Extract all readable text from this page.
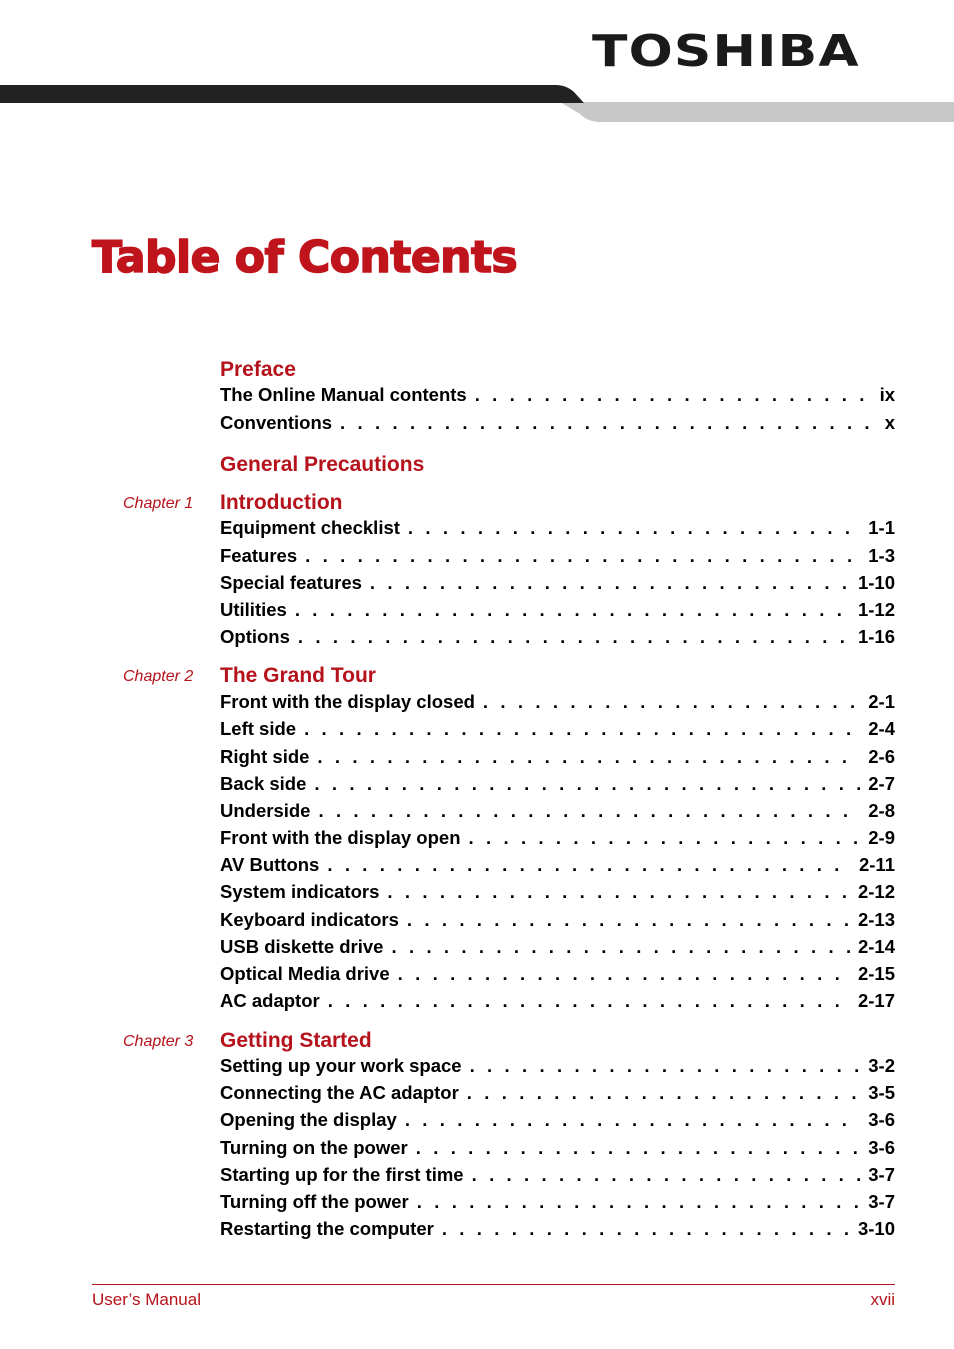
TOSHIBA
Table of Contents
Preface
The Online Manual contents . . .	ix
Conventions . . .	x
General Precautions
Chapter 1 Introduction
Equipment checklist . . .	1-1
Features . . .	1-3
Special features . . .	1-10
Utilities . . .	1-12
Options . . .	1-16
Chapter 2 The Grand Tour
Front with the display closed . . .	2-1
Left side . . .	2-4
Right side . . .	2-6
Back side . . .	2-7
Underside . . .	2-8
Front with the display open . . .	2-9
AV Buttons . . .	2-11
System indicators . . .	2-12
Keyboard indicators . . .	2-13
USB diskette drive . . .	2-14
Optical Media drive . . .	2-15
AC adaptor . . .	2-17
Chapter 3 Getting Started
Setting up your work space . . .	3-2
Connecting the AC adaptor . . .	3-5
Opening the display . . .	3-6
Turning on the power . . .	3-6
Starting up for the first time . . .	3-7
Turning off the power . . .	3-7
Restarting the computer . . .	3-10
User’s Manual	xvii
